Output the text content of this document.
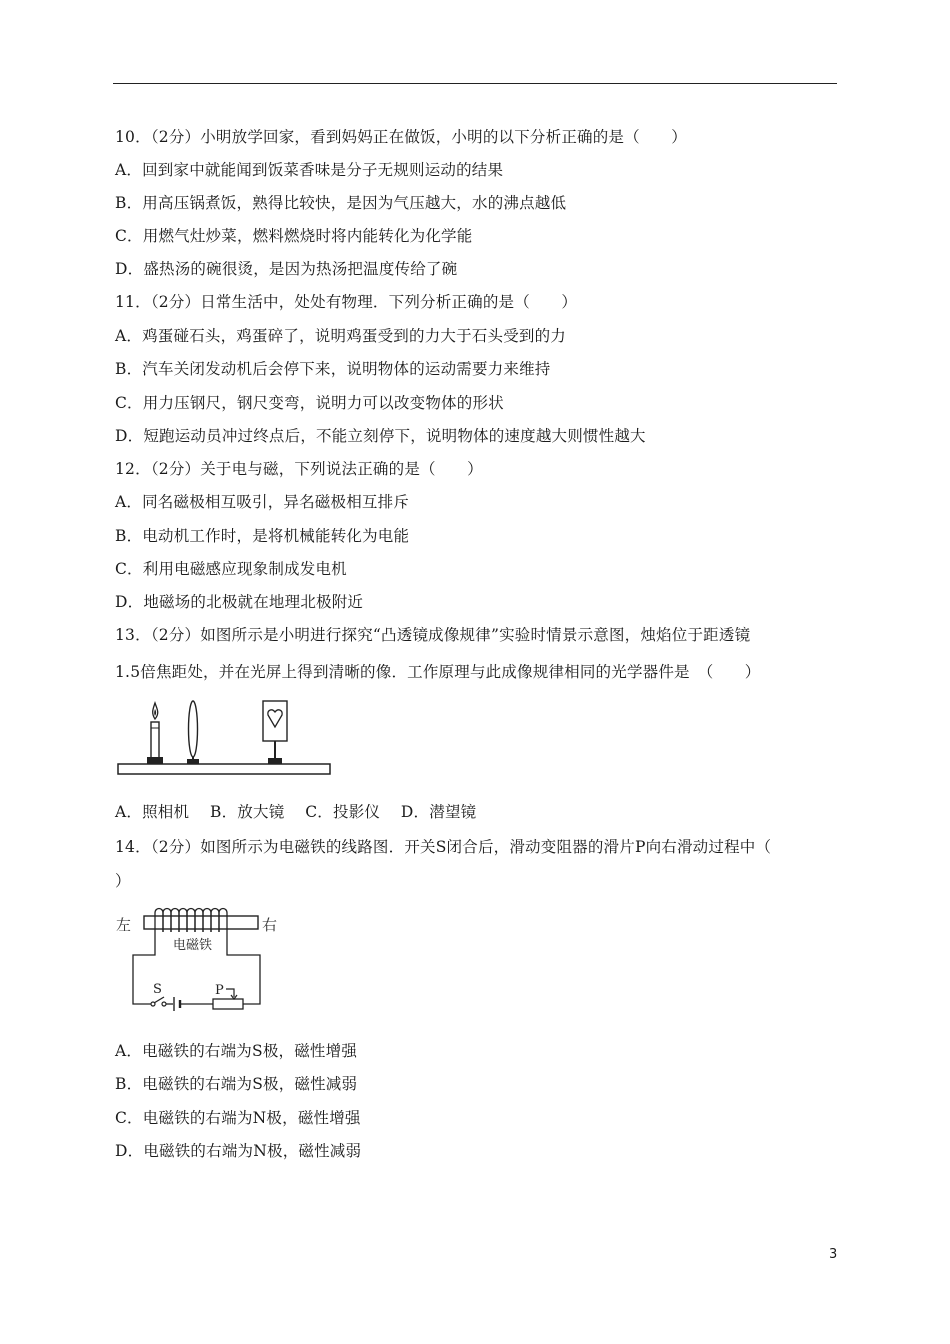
10．（2分）小明放学回家，看到妈妈正在做饭，小明的以下分析正确的是（　　）
A．回到家中就能闻到饭菜香味是分子无规则运动的结果
B．用高压锅煮饭，熟得比较快，是因为气压越大，水的沸点越低
C．用燃气灶炒菜，燃料燃烧时将内能转化为化学能
D．盛热汤的碗很烫，是因为热汤把温度传给了碗
11．（2分）日常生活中，处处有物理．下列分析正确的是（　　）
A．鸡蛋碰石头，鸡蛋碎了，说明鸡蛋受到的力大于石头受到的力
B．汽车关闭发动机后会停下来，说明物体的运动需要力来维持
C．用力压钢尺，钢尺变弯，说明力可以改变物体的形状
D．短跑运动员冲过终点后，不能立刻停下，说明物体的速度越大则惯性越大
12．（2分）关于电与磁，下列说法正确的是（　　）
A．同名磁极相互吸引，异名磁极相互排斥
B．电动机工作时，是将机械能转化为电能
C．利用电磁感应现象制成发电机
D．地磁场的北极就在地理北极附近
13．（2分）如图所示是小明进行探究“凸透镜成像规律”实验时情景示意图，烛焰位于距透镜
1.5倍焦距处，并在光屏上得到清晰的像．工作原理与此成像规律相同的光学器件是　（　　）
A．照相机　 B．放大镜　 C．投影仪　 D．潜望镜
14．（2分）如图所示为电磁铁的线路图．开关S闭合后，滑动变阻器的滑片P向右滑动过程中（
）
左	右
电磁铁
S	P
A．电磁铁的右端为S极，磁性增强
B．电磁铁的右端为S极，磁性减弱
C．电磁铁的右端为N极，磁性增强
D．电磁铁的右端为N极，磁性减弱
3
